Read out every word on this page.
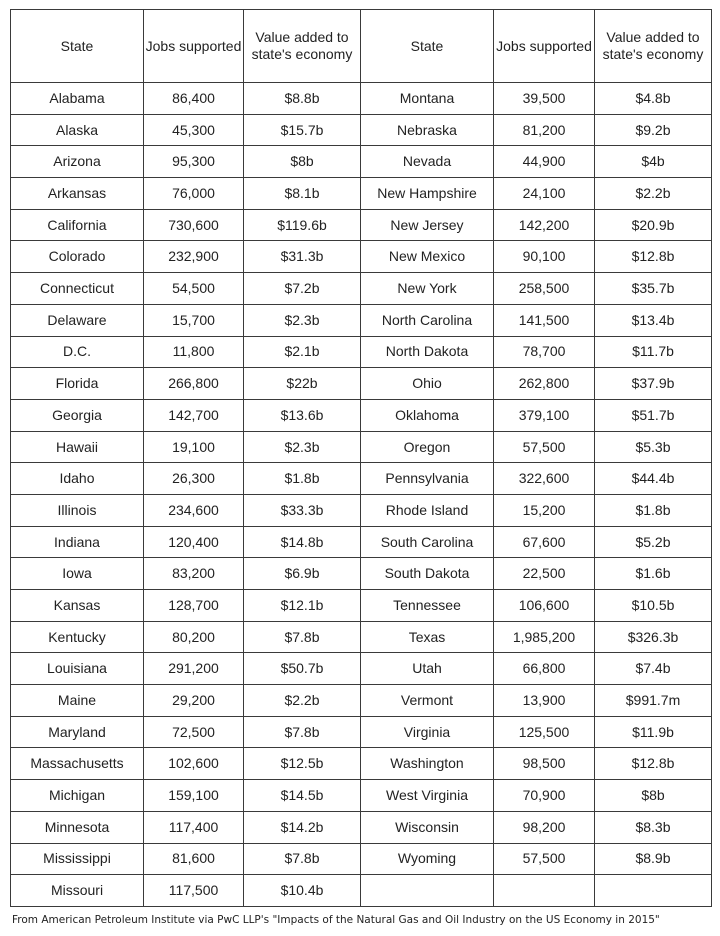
State	Jobs supported	Value added to state's economy	State	Jobs supported	Value added to state's economy
Alabama	86,400	$8.8b	Montana	39,500	$4.8b
Alaska	45,300	$15.7b	Nebraska	81,200	$9.2b
Arizona	95,300	$8b	Nevada	44,900	$4b
Arkansas	76,000	$8.1b	New Hampshire	24,100	$2.2b
California	730,600	$119.6b	New Jersey	142,200	$20.9b
Colorado	232,900	$31.3b	New Mexico	90,100	$12.8b
Connecticut	54,500	$7.2b	New York	258,500	$35.7b
Delaware	15,700	$2.3b	North Carolina	141,500	$13.4b
D.C.	11,800	$2.1b	North Dakota	78,700	$11.7b
Florida	266,800	$22b	Ohio	262,800	$37.9b
Georgia	142,700	$13.6b	Oklahoma	379,100	$51.7b
Hawaii	19,100	$2.3b	Oregon	57,500	$5.3b
Idaho	26,300	$1.8b	Pennsylvania	322,600	$44.4b
Illinois	234,600	$33.3b	Rhode Island	15,200	$1.8b
Indiana	120,400	$14.8b	South Carolina	67,600	$5.2b
Iowa	83,200	$6.9b	South Dakota	22,500	$1.6b
Kansas	128,700	$12.1b	Tennessee	106,600	$10.5b
Kentucky	80,200	$7.8b	Texas	1,985,200	$326.3b
Louisiana	291,200	$50.7b	Utah	66,800	$7.4b
Maine	29,200	$2.2b	Vermont	13,900	$991.7m
Maryland	72,500	$7.8b	Virginia	125,500	$11.9b
Massachusetts	102,600	$12.5b	Washington	98,500	$12.8b
Michigan	159,100	$14.5b	West Virginia	70,900	$8b
Minnesota	117,400	$14.2b	Wisconsin	98,200	$8.3b
Mississippi	81,600	$7.8b	Wyoming	57,500	$8.9b
Missouri	117,500	$10.4b			
From American Petroleum Institute via PwC LLP's "Impacts of the Natural Gas and Oil Industry on the US Economy in 2015"
